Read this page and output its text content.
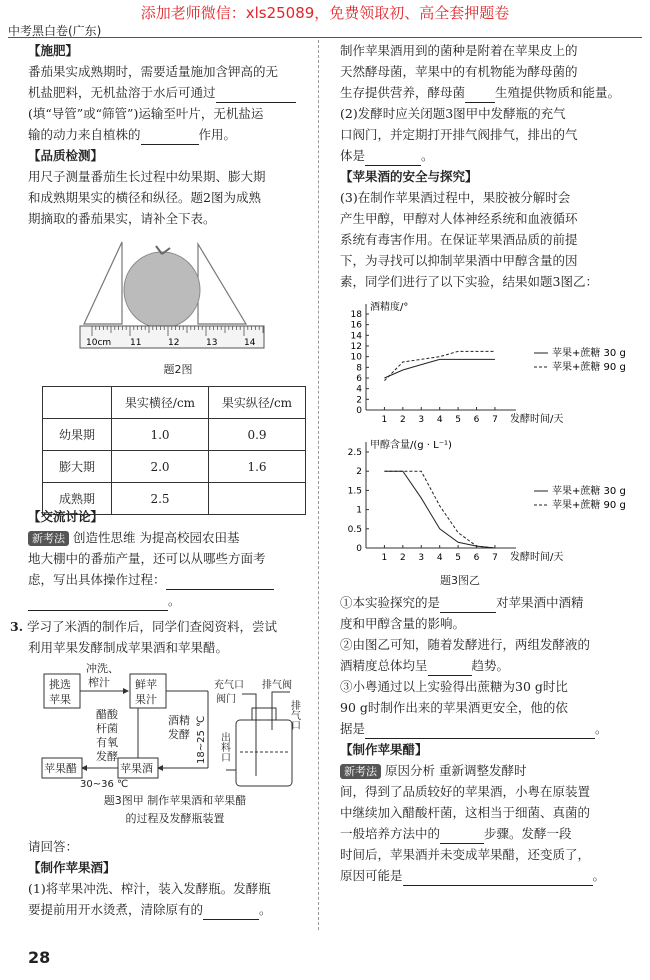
添加老师微信：xls25089，免费领取初、高全套押题卷
中考黑白卷(广东)

【施肥】

番茄果实成熟期时，需要适量施加含钾高的无

机盐肥料，无机盐溶于水后可通过

(填“导管”或“筛管”)运输至叶片，无机盐运

输的动力来自植株的	作用。

【品质检测】

用尺子测量番茄生长过程中幼果期、膨大期

和成熟期果实的横径和纵径。题2图为成熟

期摘取的番茄果实，请补全下表。

10cm 11	12	13	14
题2图
	果实横径/cm	果实纵径/cm
幼果期	1.0	0.9
膨大期	2.0	1.6
成熟期	2.5	

【交流讨论】

新考法 创造性思维 为提高校园农田基

地大棚中的番茄产量，还可以从哪些方面考

虑，写出具体操作过程：

。

3. 学习了米酒的制作后，同学们查阅资料，尝试

利用苹果发酵制成苹果酒和苹果醋。

挑选
苹果
冲洗、
榨汁 鲜苹
果汁
醋酸
杆菌
有氧
发酵
酒精
发酵 18~25 ℃
苹果酒
苹果醋
30~36 ℃
充气口
阀门
排气阀
排气口
出料口
题3图甲 制作苹果酒和苹果醋
的过程及发酵瓶装置

请回答：

【制作苹果酒】

(1)将苹果冲洗、榨汁，装入发酵瓶。发酵瓶

要提前用开水烫煮，清除原有的	。

制作苹果酒用到的菌种是附着在苹果皮上的

天然酵母菌，苹果中的有机物能为酵母菌的

生存提供营养，酵母菌 生殖提供物质和能量。

(2)发酵时应关闭题3图甲中发酵瓶的充气

口阀门，并定期打开排气阀排气，排出的气

体是	。

【苹果酒的安全与探究】

(3)在制作苹果酒过程中，果胶被分解时会

产生甲醇，甲醇对人体神经系统和血液循环

系统有毒害作用。在保证苹果酒品质的前提

下，为寻找可以抑制苹果酒中甲醇含量的因

素，同学们进行了以下实验，结果如题3图乙：

酒精度/°
发酵时间/天
0
2
4
6
8
10
12
14
16
18
1 2 3 4 5 6 7
苹果+蔗糖 30 g
苹果+蔗糖 90 g
甲醇含量/(g · L⁻¹)
发酵时间/天
0
0.5
1
1.5
2
2.5
1 2 3 4 5 6 7
苹果+蔗糖 30 g
苹果+蔗糖 90 g
题3图乙

①本实验探究的是	对苹果酒中酒精

度和甲醇含量的影响。

②由图乙可知，随着发酵进行，两组发酵液的

酒精度总体均呈	趋势。

③小粤通过以上实验得出蔗糖为30 g时比

90 g时制作出来的苹果酒更安全，他的依

据是	。

【制作苹果醋】

新考法 原因分析 重新调整发酵时

间，得到了品质较好的苹果酒，小粤在原装置

中继续加入醋酸杆菌，这相当于细菌、真菌的

一般培养方法中的	步骤。发酵一段

时间后，苹果酒并未变成苹果醋，还变质了，

原因可能是	。

28
